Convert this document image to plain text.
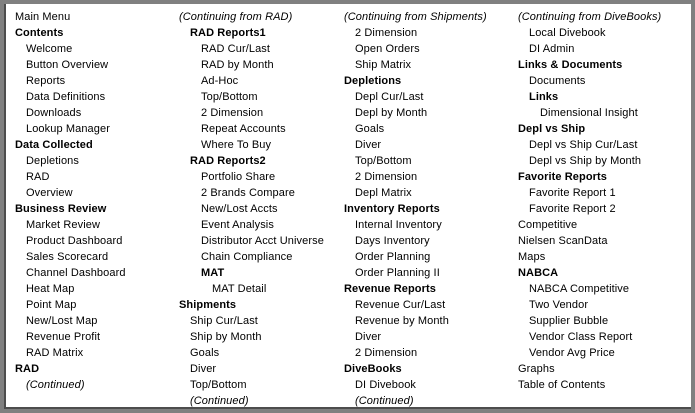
Main Menu
Contents
Welcome
Button Overview
Reports
Data Definitions
Downloads
Lookup Manager
Data Collected
Depletions
RAD
Overview
Business Review
Market Review
Product Dashboard
Sales Scorecard
Channel Dashboard
Heat Map
Point Map
New/Lost Map
Revenue Profit
RAD Matrix
RAD
(Continued)
(Continuing from RAD)
RAD Reports1
RAD Cur/Last
RAD by Month
Ad-Hoc
Top/Bottom
2 Dimension
Repeat Accounts
Where To Buy
RAD Reports2
Portfolio Share
2 Brands Compare
New/Lost Accts
Event Analysis
Distributor Acct Universe
Chain Compliance
MAT
MAT Detail
Shipments
Ship Cur/Last
Ship by Month
Goals
Diver
Top/Bottom
(Continued)
(Continuing from Shipments)
2 Dimension
Open Orders
Ship Matrix
Depletions
Depl Cur/Last
Depl by Month
Goals
Diver
Top/Bottom
2 Dimension
Depl Matrix
Inventory Reports
Internal Inventory
Days Inventory
Order Planning
Order Planning II
Revenue Reports
Revenue Cur/Last
Revenue by Month
Diver
2 Dimension
DiveBooks
DI Divebook
(Continued)
(Continuing from DiveBooks)
Local Divebook
DI Admin
Links & Documents
Documents
Links
Dimensional Insight
Depl vs Ship
Depl vs Ship Cur/Last
Depl vs Ship by Month
Favorite Reports
Favorite Report 1
Favorite Report 2
Competitive
Nielsen ScanData
Maps
NABCA
NABCA Competitive
Two Vendor
Supplier Bubble
Vendor Class Report
Vendor Avg Price
Graphs
Table of Contents
